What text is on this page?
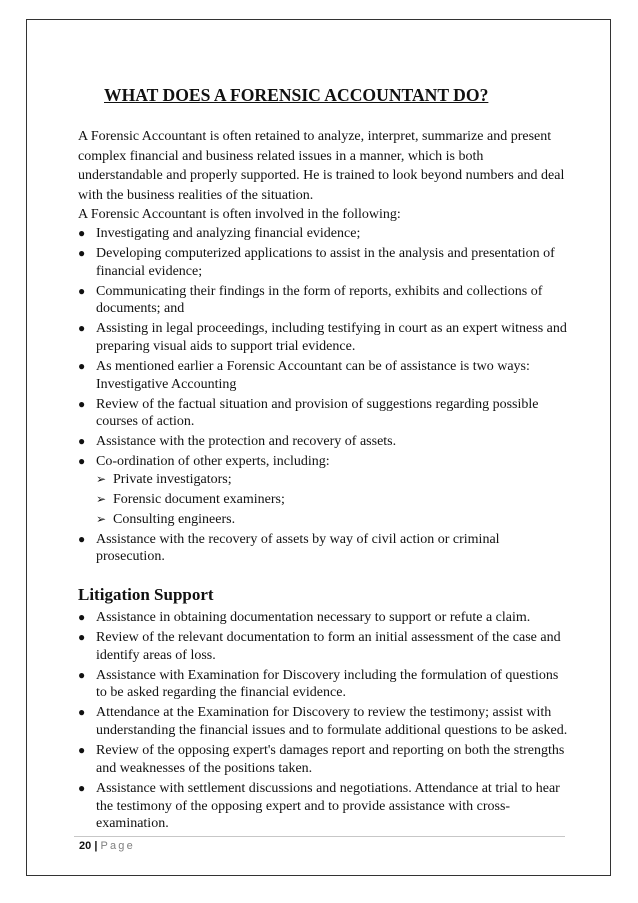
WHAT DOES A FORENSIC ACCOUNTANT DO?

A Forensic Accountant is often retained to analyze, interpret, summarize and present complex financial and business related issues in a manner, which is both understandable and properly supported. He is trained to look beyond numbers and deal with the business realities of the situation.

A Forensic Accountant is often involved in the following:

● Investigating and analyzing financial evidence;
● Developing computerized applications to assist in the analysis and presentation of financial evidence;
● Communicating their findings in the form of reports, exhibits and collections of documents; and
● Assisting in legal proceedings, including testifying in court as an expert witness and preparing visual aids to support trial evidence.
● As mentioned earlier a Forensic Accountant can be of assistance is two ways: Investigative Accounting
● Review of the factual situation and provision of suggestions regarding possible courses of action.
● Assistance with the protection and recovery of assets.
● Co-ordination of other experts, including:
➢ Private investigators;
➢ Forensic document examiners;
➢ Consulting engineers.
● Assistance with the recovery of assets by way of civil action or criminal prosecution.
Litigation Support
● Assistance in obtaining documentation necessary to support or refute a claim.
● Review of the relevant documentation to form an initial assessment of the case and identify areas of loss.
● Assistance with Examination for Discovery including the formulation of questions to be asked regarding the financial evidence.
● Attendance at the Examination for Discovery to review the testimony; assist with understanding the financial issues and to formulate additional questions to be asked.
● Review of the opposing expert's damages report and reporting on both the strengths and weaknesses of the positions taken.
● Assistance with settlement discussions and negotiations. Attendance at trial to hear the testimony of the opposing expert and to provide assistance with cross-examination.
20 | Page
